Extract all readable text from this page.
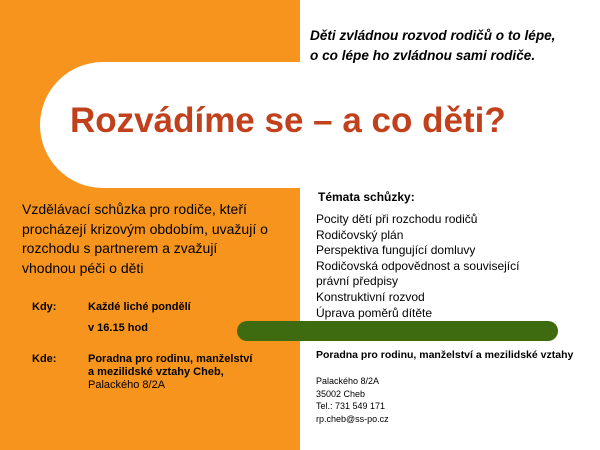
Děti zvládnou rozvod rodičů o to lépe,
o co lépe ho zvládnou sami rodiče.
Rozvádíme se – a co děti?
Vzdělávací schůzka pro rodiče, kteří
procházejí krizovým obdobím, uvažují o
rozchodu s partnerem a zvažují
vhodnou péči o děti
Kdy:	Každé liché pondělí
v 16.15 hod
Kde:	Poradna pro rodinu, manželství
a mezilidské vztahy Cheb,
Palackého 8/2A
Témata schůzky:
Pocity dětí při rozchodu rodičů
Rodičovský plán
Perspektiva fungující domluvy
Rodičovská odpovědnost a související
právní předpisy
Konstruktivní rozvod
Úprava poměrů dítěte
Poradna pro rodinu, manželství a mezilidské vztahy
Palackého 8/2A
35002 Cheb
Tel.: 731 549 171
rp.cheb@ss-po.cz
